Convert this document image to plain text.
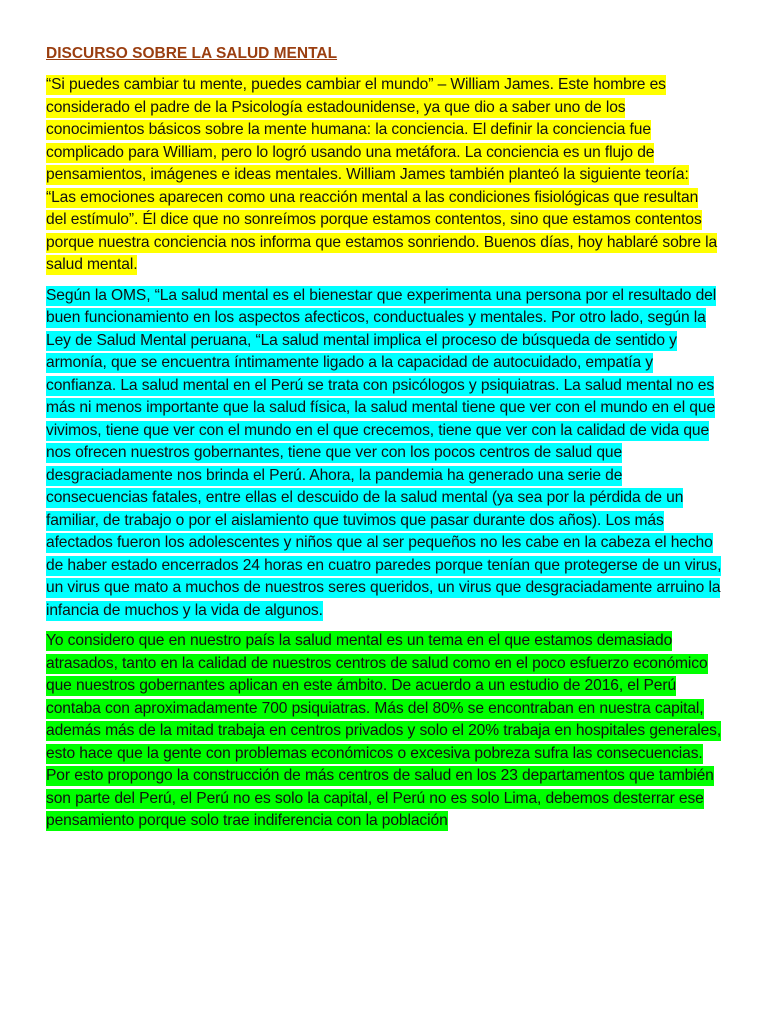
DISCURSO SOBRE LA SALUD MENTAL

“Si puedes cambiar tu mente, puedes cambiar el mundo” – William James. Este hombre es considerado el padre de la Psicología estadounidense, ya que dio a saber uno de los conocimientos básicos sobre la mente humana: la conciencia. El definir la conciencia fue complicado para William, pero lo logró usando una metáfora. La conciencia es un flujo de pensamientos, imágenes e ideas mentales. William James también planteó la siguiente teoría: “Las emociones aparecen como una reacción mental a las condiciones fisiológicas que resultan del estímulo”. Él dice que no sonreímos porque estamos contentos, sino que estamos contentos porque nuestra conciencia nos informa que estamos sonriendo. Buenos días, hoy hablaré sobre la salud mental.

Según la OMS, “La salud mental es el bienestar que experimenta una persona por el resultado del buen funcionamiento en los aspectos afecticos, conductuales y mentales. Por otro lado, según la Ley de Salud Mental peruana, “La salud mental implica el proceso de búsqueda de sentido y armonía, que se encuentra íntimamente ligado a la capacidad de autocuidado, empatía y confianza. La salud mental en el Perú se trata con psicólogos y psiquiatras. La salud mental no es más ni menos importante que la salud física, la salud mental tiene que ver con el mundo en el que vivimos, tiene que ver con el mundo en el que crecemos, tiene que ver con la calidad de vida que nos ofrecen nuestros gobernantes, tiene que ver con los pocos centros de salud que desgraciadamente nos brinda el Perú. Ahora, la pandemia ha generado una serie de consecuencias fatales, entre ellas el descuido de la salud mental (ya sea por la pérdida de un familiar, de trabajo o por el aislamiento que tuvimos que pasar durante dos años). Los más afectados fueron los adolescentes y niños que al ser pequeños no les cabe en la cabeza el hecho de haber estado encerrados 24 horas en cuatro paredes porque tenían que protegerse de un virus, un virus que mato a muchos de nuestros seres queridos, un virus que desgraciadamente arruino la infancia de muchos y la vida de algunos.

Yo considero que en nuestro país la salud mental es un tema en el que estamos demasiado atrasados, tanto en la calidad de nuestros centros de salud como en el poco esfuerzo económico que nuestros gobernantes aplican en este ámbito. De acuerdo a un estudio de 2016, el Perú contaba con aproximadamente 700 psiquiatras. Más del 80% se encontraban en nuestra capital, además más de la mitad trabaja en centros privados y solo el 20% trabaja en hospitales generales, esto hace que la gente con problemas económicos o excesiva pobreza sufra las consecuencias. Por esto propongo la construcción de más centros de salud en los 23 departamentos que también son parte del Perú, el Perú no es solo la capital, el Perú no es solo Lima, debemos desterrar ese pensamiento porque solo trae indiferencia con la población
